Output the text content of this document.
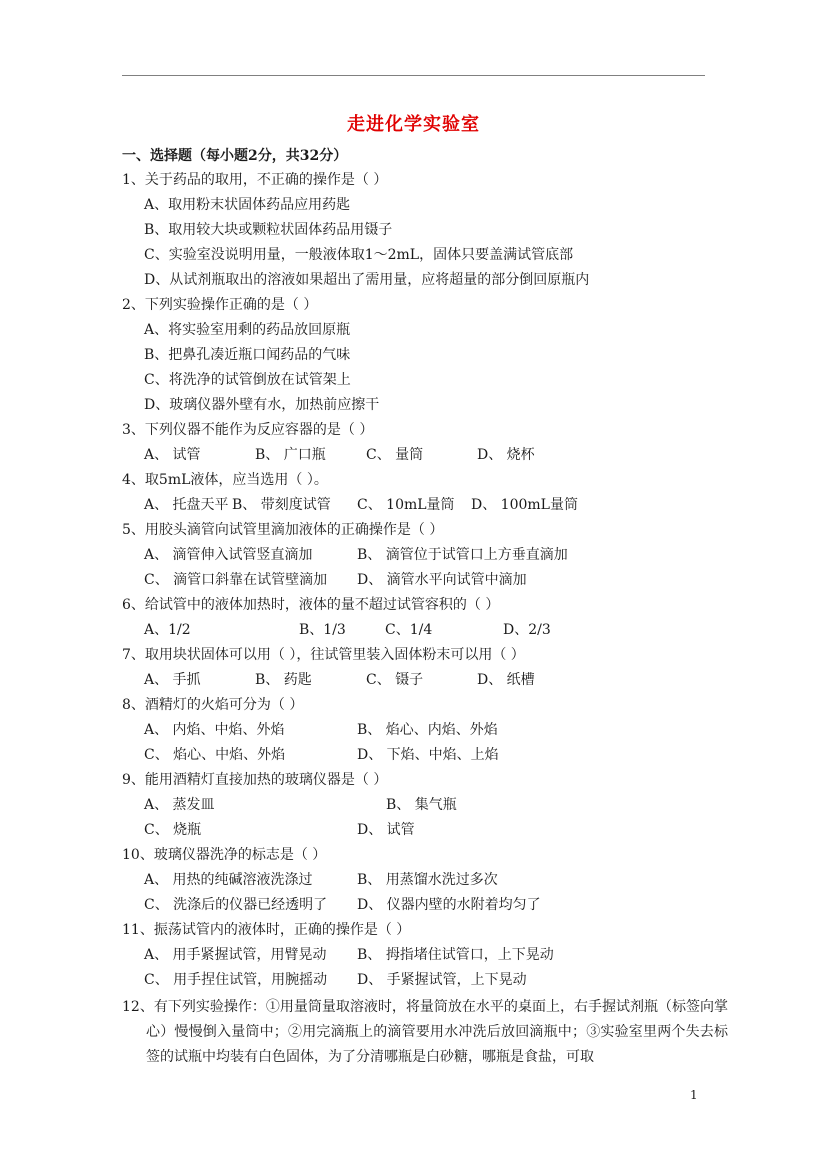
走进化学实验室
一、选择题（每小题2分，共32分）
1、关于药品的取用，不正确的操作是（ ）
A、取用粉末状固体药品应用药匙
B、取用较大块或颗粒状固体药品用镊子
C、实验室没说明用量，一般液体取1～2mL，固体只要盖满试管底部
D、从试剂瓶取出的溶液如果超出了需用量，应将超量的部分倒回原瓶内
2、下列实验操作正确的是（ ）
A、将实验室用剩的药品放回原瓶
B、把鼻孔凑近瓶口闻药品的气味
C、将洗净的试管倒放在试管架上
D、玻璃仪器外壁有水，加热前应擦干
3、下列仪器不能作为反应容器的是（ ）
A、 试管	B、 广口瓶	C、 量筒	D、 烧杯
4、取5mL液体，应当选用（ ）。
A、 托盘天平 B、 带刻度试管 C、 10mL量筒 D、 100mL量筒
5、用胶头滴管向试管里滴加液体的正确操作是（ ）
A、 滴管伸入试管竖直滴加	B、 滴管位于试管口上方垂直滴加
C、 滴管口斜靠在试管壁滴加 D、 滴管水平向试管中滴加
6、给试管中的液体加热时，液体的量不超过试管容积的（ ）
A、1/2	B、1/3	C、1/4	D、2/3
7、取用块状固体可以用（ ），往试管里装入固体粉末可以用（ ）
A、 手抓	B、 药匙	C、 镊子	D、 纸槽
8、酒精灯的火焰可分为（ ）
A、 内焰、中焰、外焰	B、 焰心、内焰、外焰
C、 焰心、中焰、外焰	D、 下焰、中焰、上焰
9、能用酒精灯直接加热的玻璃仪器是（ ）
A、 蒸发皿	B、 集气瓶
C、 烧瓶	D、 试管
10、玻璃仪器洗净的标志是（ ）
A、 用热的纯碱溶液洗涤过	B、 用蒸馏水洗过多次
C、 洗涤后的仪器已经透明了 D、 仪器内壁的水附着均匀了
11、振荡试管内的液体时，正确的操作是（ ）
A、 用手紧握试管，用臂晃动 B、 拇指堵住试管口，上下晃动
C、 用手捏住试管，用腕摇动 D、 手紧握试管，上下晃动
12、有下列实验操作：①用量筒量取溶液时，将量筒放在水平的桌面上，右手握试剂瓶（标签向掌心）慢慢倒入量筒中；②用完滴瓶上的滴管要用水冲洗后放回滴瓶中；③实验室里两个失去标签的试瓶中均装有白色固体，为了分清哪瓶是白砂糖，哪瓶是食盐，可取
1
